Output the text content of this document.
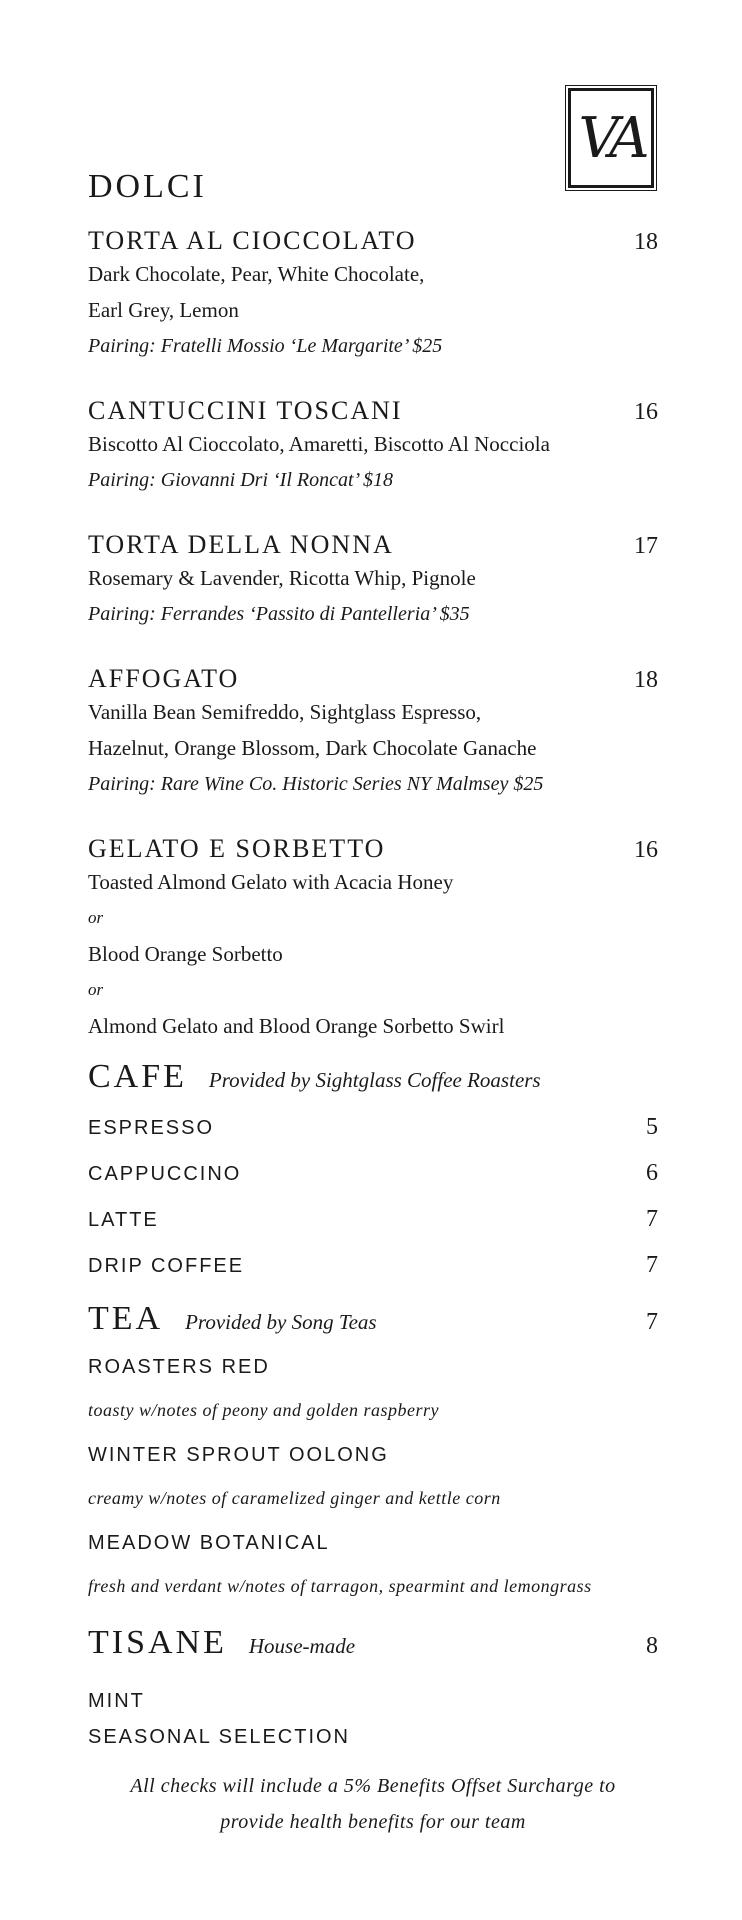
VA
DOLCI
TORTA AL CIOCCOLATO	18
Dark Chocolate, Pear, White Chocolate,
Earl Grey, Lemon
Pairing: Fratelli Mossio ‘Le Margarite’ $25
CANTUCCINI TOSCANI	16
Biscotto Al Cioccolato, Amaretti, Biscotto Al Nocciola
Pairing: Giovanni Dri ‘Il Roncat’ $18
TORTA DELLA NONNA	17
Rosemary & Lavender, Ricotta Whip, Pignole
Pairing: Ferrandes ‘Passito di Pantelleria’ $35
AFFOGATO	18
Vanilla Bean Semifreddo, Sightglass Espresso,
Hazelnut, Orange Blossom, Dark Chocolate Ganache
Pairing: Rare Wine Co. Historic Series NY Malmsey $25
GELATO E SORBETTO	16
Toasted Almond Gelato with Acacia Honey
or
Blood Orange Sorbetto
or
Almond Gelato and Blood Orange Sorbetto Swirl
CAFE Provided by Sightglass Coffee Roasters
ESPRESSO	5
CAPPUCCINO	6
LATTE	7
DRIP COFFEE	7
TEA Provided by Song Teas	7
ROASTERS RED
toasty w/notes of peony and golden raspberry
WINTER SPROUT OOLONG
creamy w/notes of caramelized ginger and kettle corn
MEADOW BOTANICAL
fresh and verdant w/notes of tarragon, spearmint and lemongrass
TISANE House-made	8
MINT
SEASONAL SELECTION
All checks will include a 5% Benefits Offset Surcharge to
provide health benefits for our team
